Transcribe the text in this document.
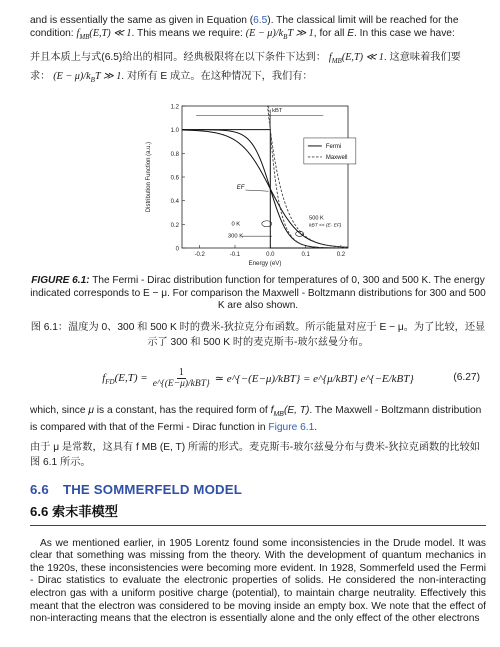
and is essentially the same as given in Equation (6.5). The classical limit will be reached for the
condition: $f_{MB}(E,T)$ ≪ 1. This means we require: $(E - \mu)/k_BT$ ≫ 1, for all E. In this case we have:

并且本质上与式(6.5)给出的相同。经典极限将在以下条件下达到： $f_{MB}(E,T)$ ≪ 1. 这意味着我们要
求： $(E - \mu)/k_BT$ ≫ 1. 对所有 E 成立。在这种情况下，我们有：

0
0.2
0.4
0.6
0.8
1.0
1.2
-0.2	-0.1	0.0	0.1	0.2
Energy (eV)
Distribution Function (a.u.)
kBT
Fermi
Maxwell
EF
500 K
kBT << (E- EF)
0 K
300 K

FIGURE 6.1: The Fermi - Dirac distribution function for temperatures of 0, 300 and 500 K. The energy indicated corresponds to E − μ. For comparison the Maxwell - Boltzmann distributions for 300 and 500 K are also shown.

图 6.1：温度为 0、300 和 500 K 时的费米-狄拉克分布函数。所示能量对应于 E − μ。为了比较，还显
示了 300 和 500 K 时的麦克斯韦-玻尔兹曼分布。

$f_{FD}(E,T) = \frac{1}{\text{e\textasciicircum{}\{(E−μ)/kBT\}}}$ ≃ e^{−(E−μ)/kBT} = e^{μ/kBT} e^{−E/kBT}	(6.27)

which, since μ is a constant, has the required form of $f_{MB}(E$, T). The Maxwell - Boltzmann distribution
is compared with that of the Fermi - Dirac function in Figure 6.1.

由于 μ 是常数，这具有 f MB (E, T) 所需的形式。麦克斯韦-玻尔兹曼分布与费米-狄拉克函数的比较如
图 6.1 所示。

6.6 THE SOMMERFELD MODEL
6.6 索末菲模型

As we mentioned earlier, in 1905 Lorentz found some inconsistencies in the Drude model. It was clear that something was missing from the theory. With the development of quantum mechanics in the 1920s, these inconsistencies were becoming more evident. In 1928, Sommerfeld used the Fermi - Dirac statistics to evaluate the electronic properties of solids. He considered the non-interacting electron gas with a uniform positive charge (potential), to maintain charge neutrality. Effectively this meant that the electron was considered to be moving inside an empty box. We note that the effect of non-interacting means that the electron is essentially alone and the only effect of the other electrons
